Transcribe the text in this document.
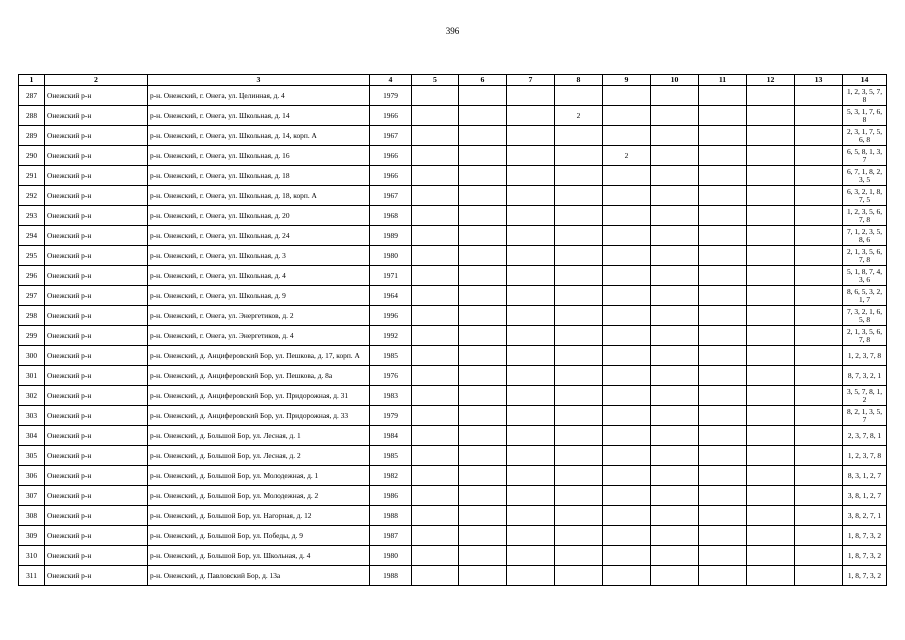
396
1	2	3	4	5	6	7	8	9	10	11	12	13	14
287	Онежский р-н	р-н. Онежский, г. Онега, ул. Целинная, д. 4	1979										1, 2, 3, 5, 7, 8
288	Онежский р-н	р-н. Онежский, г. Онега, ул. Школьная, д. 14	1966				2						5, 3, 1, 7, 6, 8
289	Онежский р-н	р-н. Онежский, г. Онега, ул. Школьная, д. 14, корп. А	1967										2, 3, 1, 7, 5, 6, 8
290	Онежский р-н	р-н. Онежский, г. Онега, ул. Школьная, д. 16	1966					2					6, 5, 8, 1, 3, 7
291	Онежский р-н	р-н. Онежский, г. Онега, ул. Школьная, д. 18	1966										6, 7, 1, 8, 2, 3, 5
292	Онежский р-н	р-н. Онежский, г. Онега, ул. Школьная, д. 18, корп. А	1967										6, 3, 2, 1, 8, 7, 5
293	Онежский р-н	р-н. Онежский, г. Онега, ул. Школьная, д. 20	1968										1, 2, 3, 5, 6, 7, 8
294	Онежский р-н	р-н. Онежский, г. Онега, ул. Школьная, д. 24	1989										7, 1, 2, 3, 5, 8, 6
295	Онежский р-н	р-н. Онежский, г. Онега, ул. Школьная, д. 3	1980										2, 1, 3, 5, 6, 7, 8
296	Онежский р-н	р-н. Онежский, г. Онега, ул. Школьная, д. 4	1971										5, 1, 8, 7, 4, 3, 6
297	Онежский р-н	р-н. Онежский, г. Онега, ул. Школьная, д. 9	1964										8, 6, 5, 3, 2, 1, 7
298	Онежский р-н	р-н. Онежский, г. Онега, ул. Энергетиков, д. 2	1996										7, 3, 2, 1, 6, 5, 8
299	Онежский р-н	р-н. Онежский, г. Онега, ул. Энергетиков, д. 4	1992										2, 1, 3, 5, 6, 7, 8
300	Онежский р-н	р-н. Онежский, д. Анциферовский Бор, ул. Пешкова, д. 17, корп. А	1985										1, 2, 3, 7, 8
301	Онежский р-н	р-н. Онежский, д. Анциферовский Бор, ул. Пешкова, д. 8а	1976										8, 7, 3, 2, 1
302	Онежский р-н	р-н. Онежский, д. Анциферовский Бор, ул. Придорожная, д. 31	1983										3, 5, 7, 8, 1, 2
303	Онежский р-н	р-н. Онежский, д. Анциферовский Бор, ул. Придорожная, д. 33	1979										8, 2, 1, 3, 5, 7
304	Онежский р-н	р-н. Онежский, д. Большой Бор, ул. Лесная, д. 1	1984										2, 3, 7, 8, 1
305	Онежский р-н	р-н. Онежский, д. Большой Бор, ул. Лесная, д. 2	1985										1, 2, 3, 7, 8
306	Онежский р-н	р-н. Онежский, д. Большой Бор, ул. Молодежная, д. 1	1982										8, 3, 1, 2, 7
307	Онежский р-н	р-н. Онежский, д. Большой Бор, ул. Молодежная, д. 2	1986										3, 8, 1, 2, 7
308	Онежский р-н	р-н. Онежский, д. Большой Бор, ул. Нагорная, д. 12	1988										3, 8, 2, 7, 1
309	Онежский р-н	р-н. Онежский, д. Большой Бор, ул. Победы, д. 9	1987										1, 8, 7, 3, 2
310	Онежский р-н	р-н. Онежский, д. Большой Бор, ул. Школьная, д. 4	1980										1, 8, 7, 3, 2
311	Онежский р-н	р-н. Онежский, д. Павловский Бор, д. 13а	1988										1, 8, 7, 3, 2
